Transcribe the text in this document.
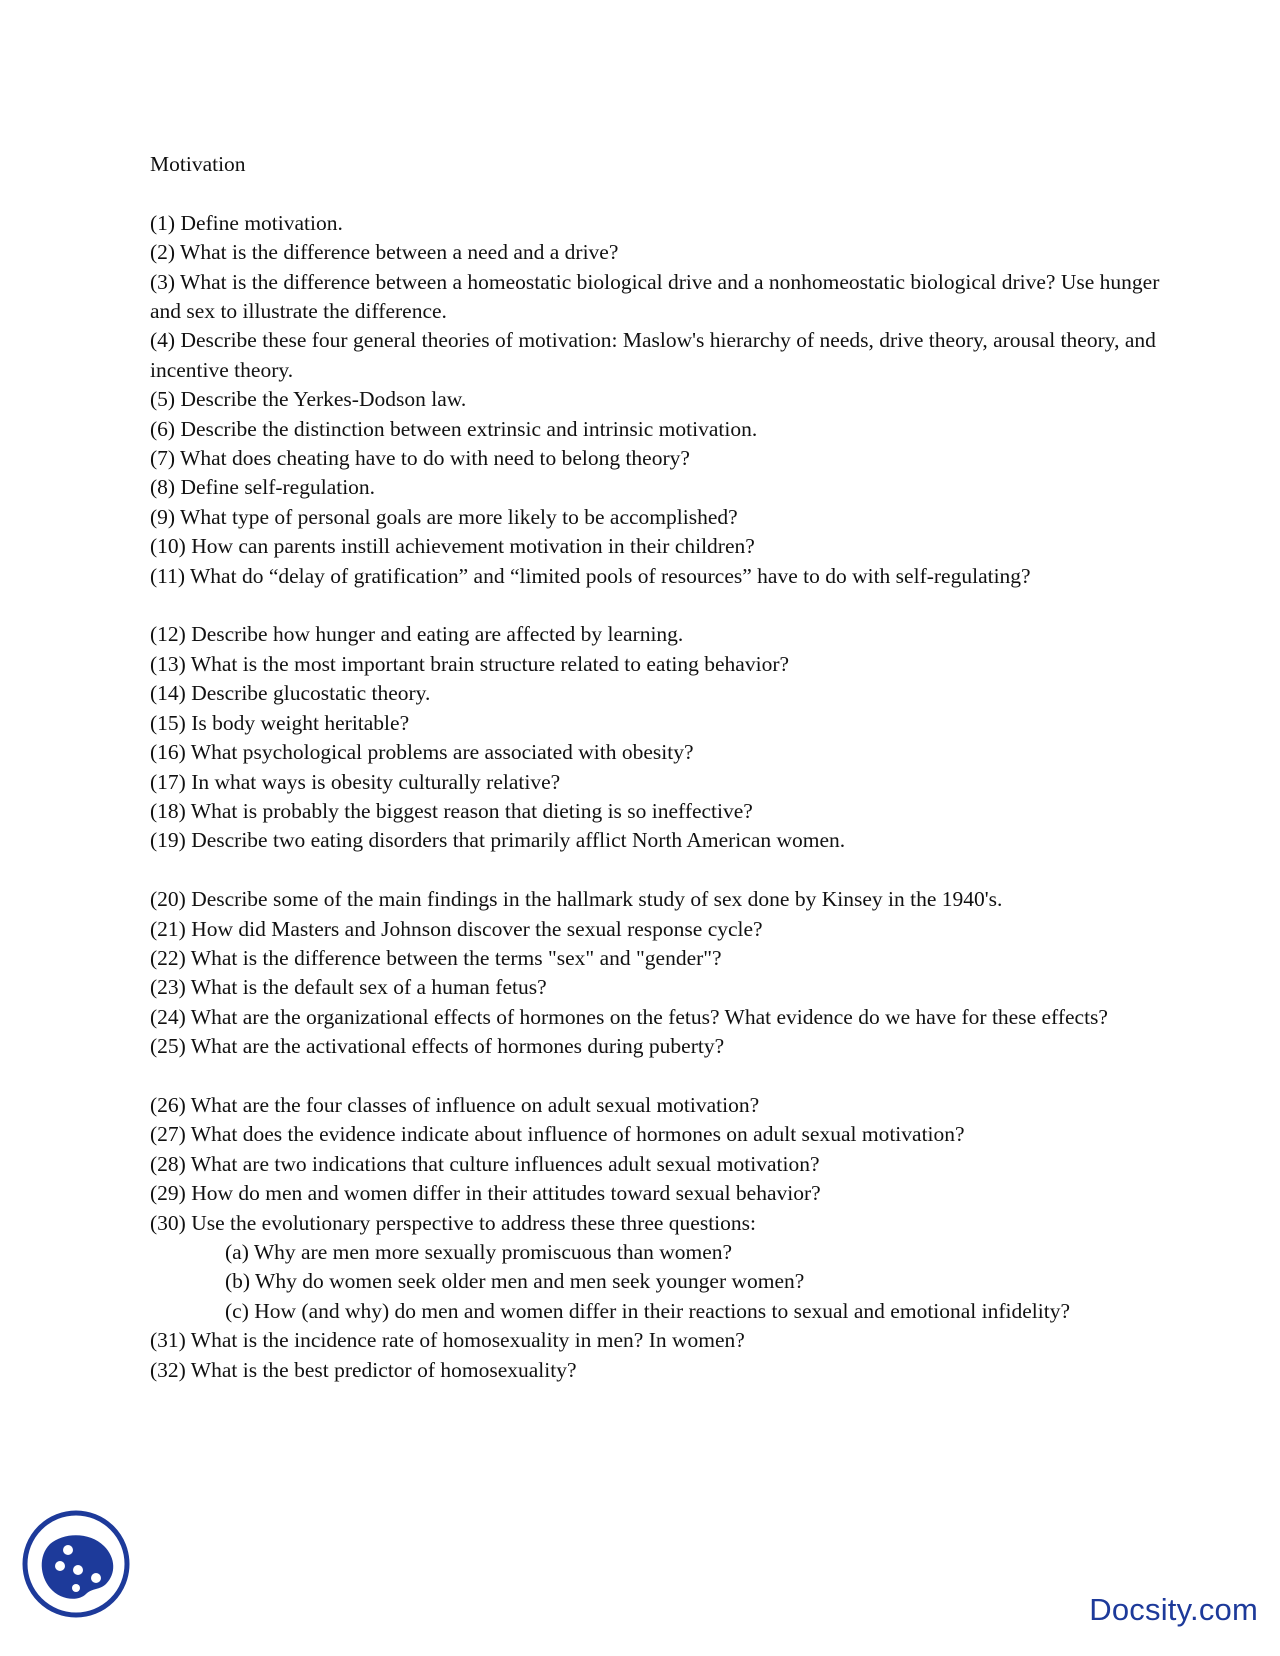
Motivation
(1) Define motivation.
(2) What is the difference between a need and a drive?
(3) What is the difference between a homeostatic biological drive and a nonhomeostatic biological drive? Use hunger and sex to illustrate the difference.
(4) Describe these four general theories of motivation: Maslow's hierarchy of needs, drive theory, arousal theory, and incentive theory.
(5) Describe the Yerkes-Dodson law.
(6) Describe the distinction between extrinsic and intrinsic motivation.
(7) What does cheating have to do with need to belong theory?
(8) Define self-regulation.
(9) What type of personal goals are more likely to be accomplished?
(10) How can parents instill achievement motivation in their children?
(11) What do “delay of gratification” and “limited pools of resources” have to do with self-regulating?
(12) Describe how hunger and eating are affected by learning.
(13) What is the most important brain structure related to eating behavior?
(14) Describe glucostatic theory.
(15) Is body weight heritable?
(16) What psychological problems are associated with obesity?
(17) In what ways is obesity culturally relative?
(18) What is probably the biggest reason that dieting is so ineffective?
(19) Describe two eating disorders that primarily afflict North American women.
(20) Describe some of the main findings in the hallmark study of sex done by Kinsey in the 1940's.
(21) How did Masters and Johnson discover the sexual response cycle?
(22) What is the difference between the terms "sex" and "gender"?
(23) What is the default sex of a human fetus?
(24) What are the organizational effects of hormones on the fetus? What evidence do we have for these effects?
(25) What are the activational effects of hormones during puberty?
(26) What are the four classes of influence on adult sexual motivation?
(27) What does the evidence indicate about influence of hormones on adult sexual motivation?
(28) What are two indications that culture influences adult sexual motivation?
(29) How do men and women differ in their attitudes toward sexual behavior?
(30) Use the evolutionary perspective to address these three questions:
(a) Why are men more sexually promiscuous than women?
(b) Why do women seek older men and men seek younger women?
(c) How (and why) do men and women differ in their reactions to sexual and emotional infidelity?
(31) What is the incidence rate of homosexuality in men? In women?
(32) What is the best predictor of homosexuality?
Docsity.com
